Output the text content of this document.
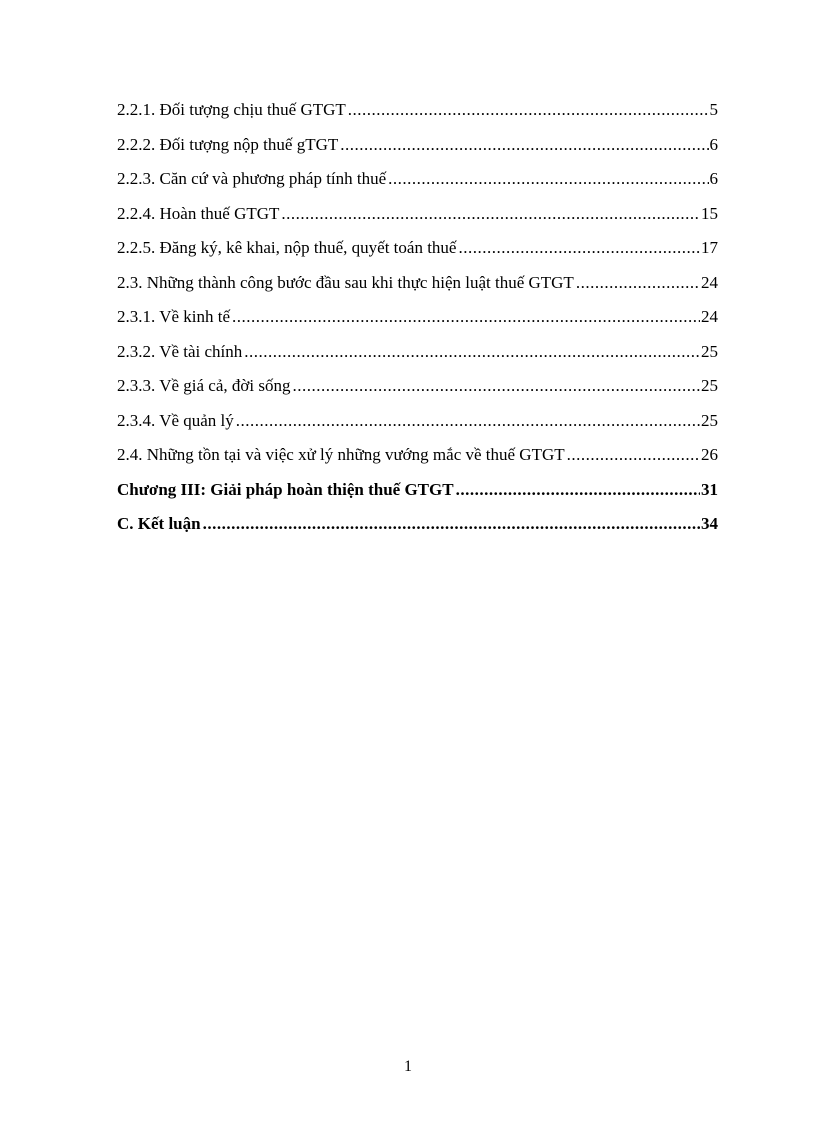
2.2.1. Đối tượng chịu thuế GTGT .....	5
2.2.2. Đối tượng nộp thuế gTGT .....	6
2.2.3. Căn cứ và phương pháp tính thuế .....	6
2.2.4. Hoàn thuế GTGT .....	15
2.2.5. Đăng ký, kê khai, nộp thuế, quyết toán thuế .....	17
2.3. Những thành công bước đầu sau khi thực hiện luật thuế GTGT .....	24
2.3.1. Về kinh tế .....	24
2.3.2. Về tài chính .....	25
2.3.3. Về giá cả, đời sống .....	25
2.3.4. Về quản lý .....	25
2.4. Những tồn tại và việc xử lý những vướng mắc về thuế GTGT .....	26
Chương III: Giải pháp hoàn thiện thuế GTGT .....	31
C. Kết luận .....	34
1
